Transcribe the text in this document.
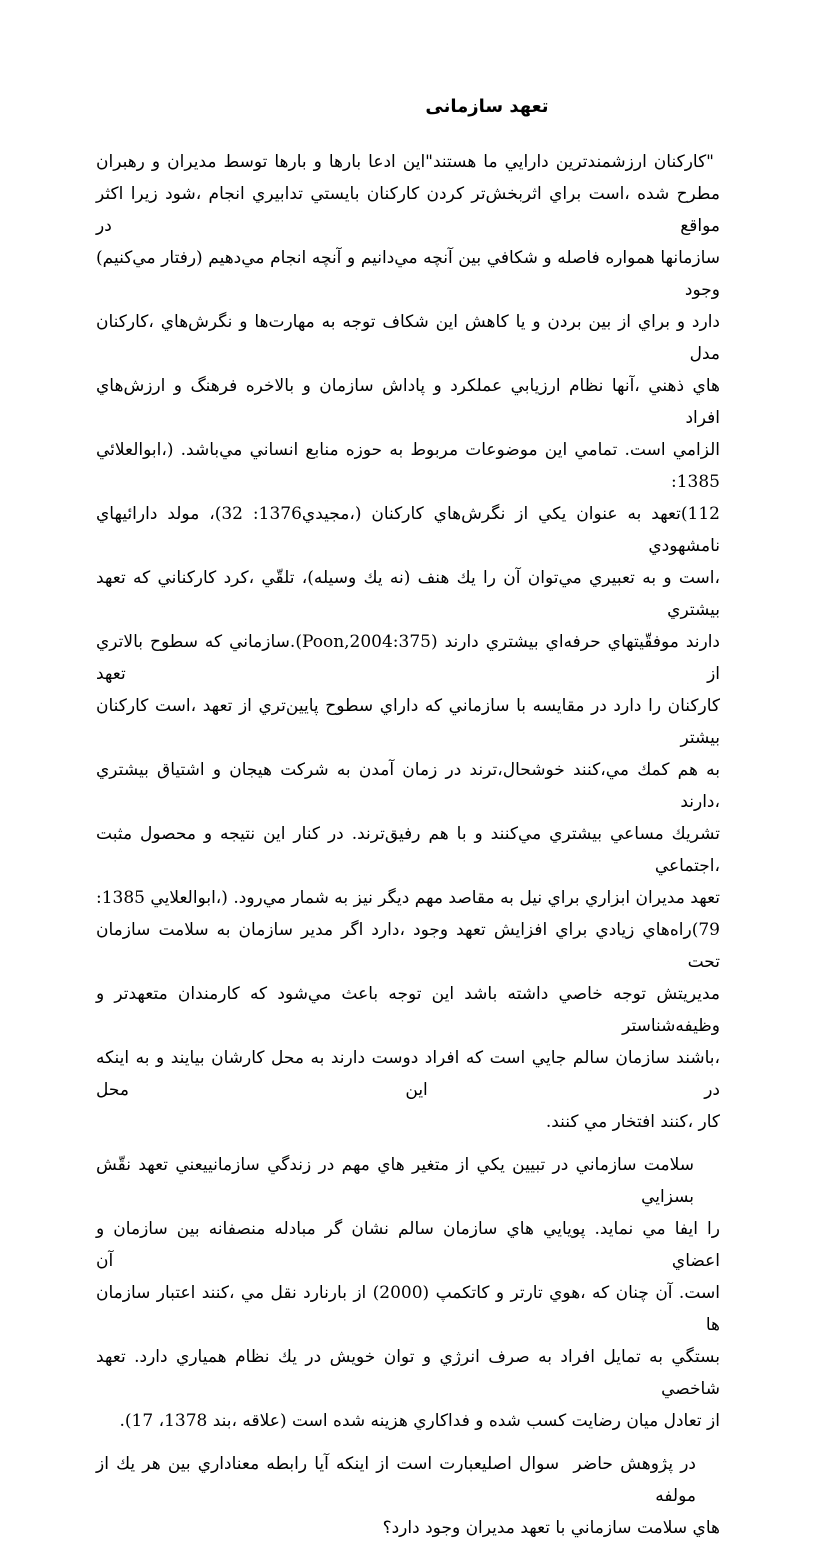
تعهد سازمانی
"كاركنان ارزشمندترين دارايي ما هستند"اين ادعا بارها و بارها توسط مديران و رهبران
مطرح شده ،است براي اثربخش‌تر كردن كاركنان بايستي تدابيري انجام ،شود زيرا اكثر مواقع در
سازمانها همواره فاصله و شكافي بين آنچه مي‌دانيم و آنچه انجام مي‌دهيم (رفتار مي‌كنيم) وجود
دارد و براي از بين بردن و يا كاهش اين شكاف توجه به مهارت‌ها و نگرش‌هاي ،كاركنان مدل
هاي ذهني ،آنها نظام ارزيابي عملكرد و پاداش سازمان و بالاخره فرهنگ و ارزش‌هاي افراد
الزامي است. تمامي اين موضوعات مربوط به حوزه منابع انساني مي‌باشد. (،ابوالعلائي 1385:
112)تعهد به عنوان يكي از نگرش‌هاي كاركنان (،مجيدي1376: 32)، مولد دارائيهاي نامشهودي
،است و به تعبيري مي‌توان آن را يك هنف (نه يك وسيله)، تلقّي ،كرد كاركناني كه تعهد بيشتري
دارند موفقّيتهاي حرفه‌اي بيشتري دارند (Poon,2004:375).سازماني كه سطوح بالاتري از تعهد
كاركنان را دارد در مقايسه با سازماني كه داراي سطوح پايين‌تري از تعهد ،است كاركنان بيشتر
به هم كمك مي،كنند خوشحال،ترند در زمان آمدن به شركت هيجان و اشتياق بيشتري ،دارند
تشريك مساعي بيشتري مي‌كنند و با هم رفيق‌ترند. در كنار اين نتيجه و محصول مثبت ،اجتماعي
تعهد مديران ابزاري براي نيل به مقاصد مهم ديگر نيز به شمار مي‌رود. (،ابوالعلايي 1385:
79)راه‌هاي زيادي براي افزايش تعهد وجود ،دارد اگر مدير سازمان به سلامت سازمان تحت
مديريتش توجه خاصي داشته باشد اين توجه باعث مي‌شود كه كارمندان متعهدتر و وظيفه‌شناستر
،باشند سازمان سالم جايي است كه افراد دوست دارند به محل كارشان بيايند و به اينكه در اين محل
كار ،كنند افتخار مي كنند.
سلامت سازماني در تبيين يكي از متغير هاي مهم در زندگي سازمانييعني تعهد نقّش بسزايي
را ايفا مي نمايد. پويايي هاي سازمان سالم نشان گر مبادله منصفانه بين سازمان و اعضاي آن
است. آن چنان كه ،هوي تارتر و كاتكمپ (2000) از بارنارد نقل مي ،كنند اعتبار سازمان ها
بستگي به تمايل افراد به صرف انرژي و توان خويش در يك نظام همياري دارد. تعهد شاخصي
از تعادل ميان رضايت كسب شده و فداكاري هزينه شده است (علاقه ،بند 1378، 17).
در پژوهش حاضر  سوال اصليعبارت است از اينكه آيا رابطه معناداري بين هر يك از مولفه
هاي سلامت سازماني با تعهد مديران وجود دارد؟
